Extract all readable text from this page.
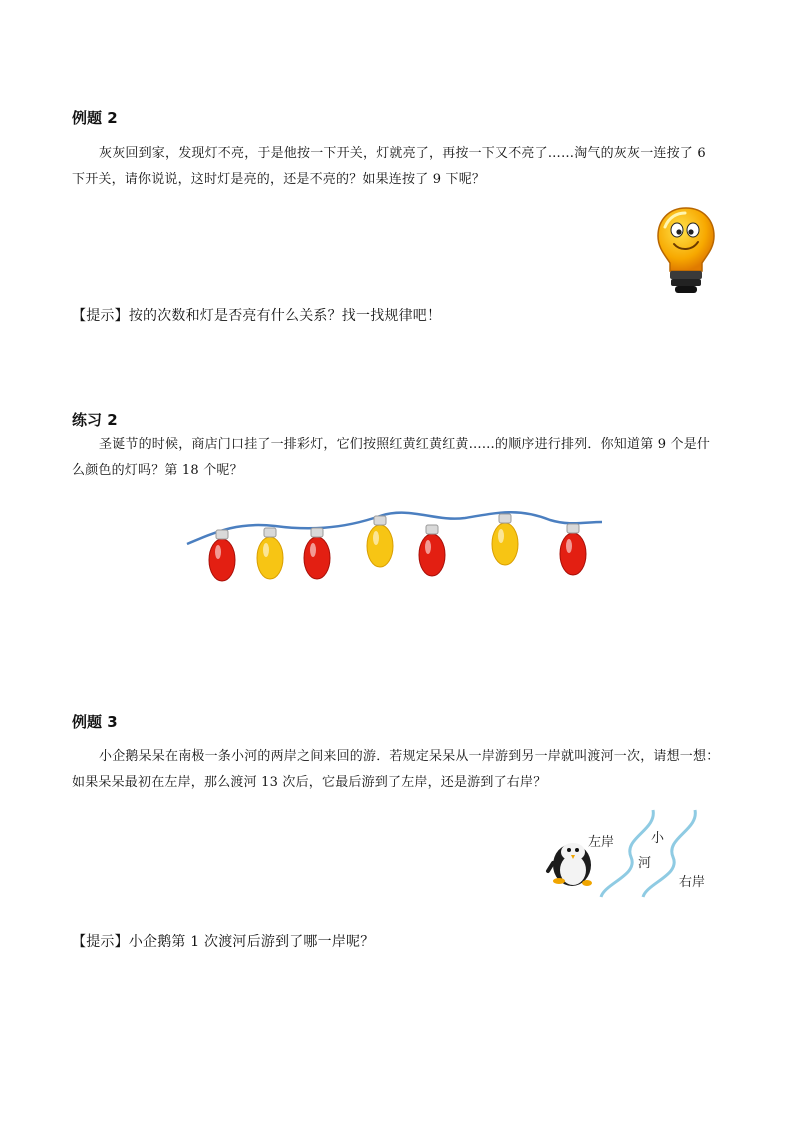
例题 2

灰灰回到家，发现灯不亮，于是他按一下开关，灯就亮了，再按一下又不亮了……淘气的灰灰一连按了 6 下开关，请你说说，这时灯是亮的，还是不亮的？如果连按了 9 下呢？

【提示】按的次数和灯是否亮有什么关系？找一找规律吧！

练习 2

圣诞节的时候，商店门口挂了一排彩灯，它们按照红黄红黄红黄……的顺序进行排列．你知道第 9 个是什么颜色的灯吗？第 18 个呢？

例题 3

小企鹅呆呆在南极一条小河的两岸之间来回的游．若规定呆呆从一岸游到另一岸就叫渡河一次，请想一想：如果呆呆最初在左岸，那么渡河 13 次后，它最后游到了左岸，还是游到了右岸？

左岸	小
河
右岸

【提示】小企鹅第 1 次渡河后游到了哪一岸呢？
